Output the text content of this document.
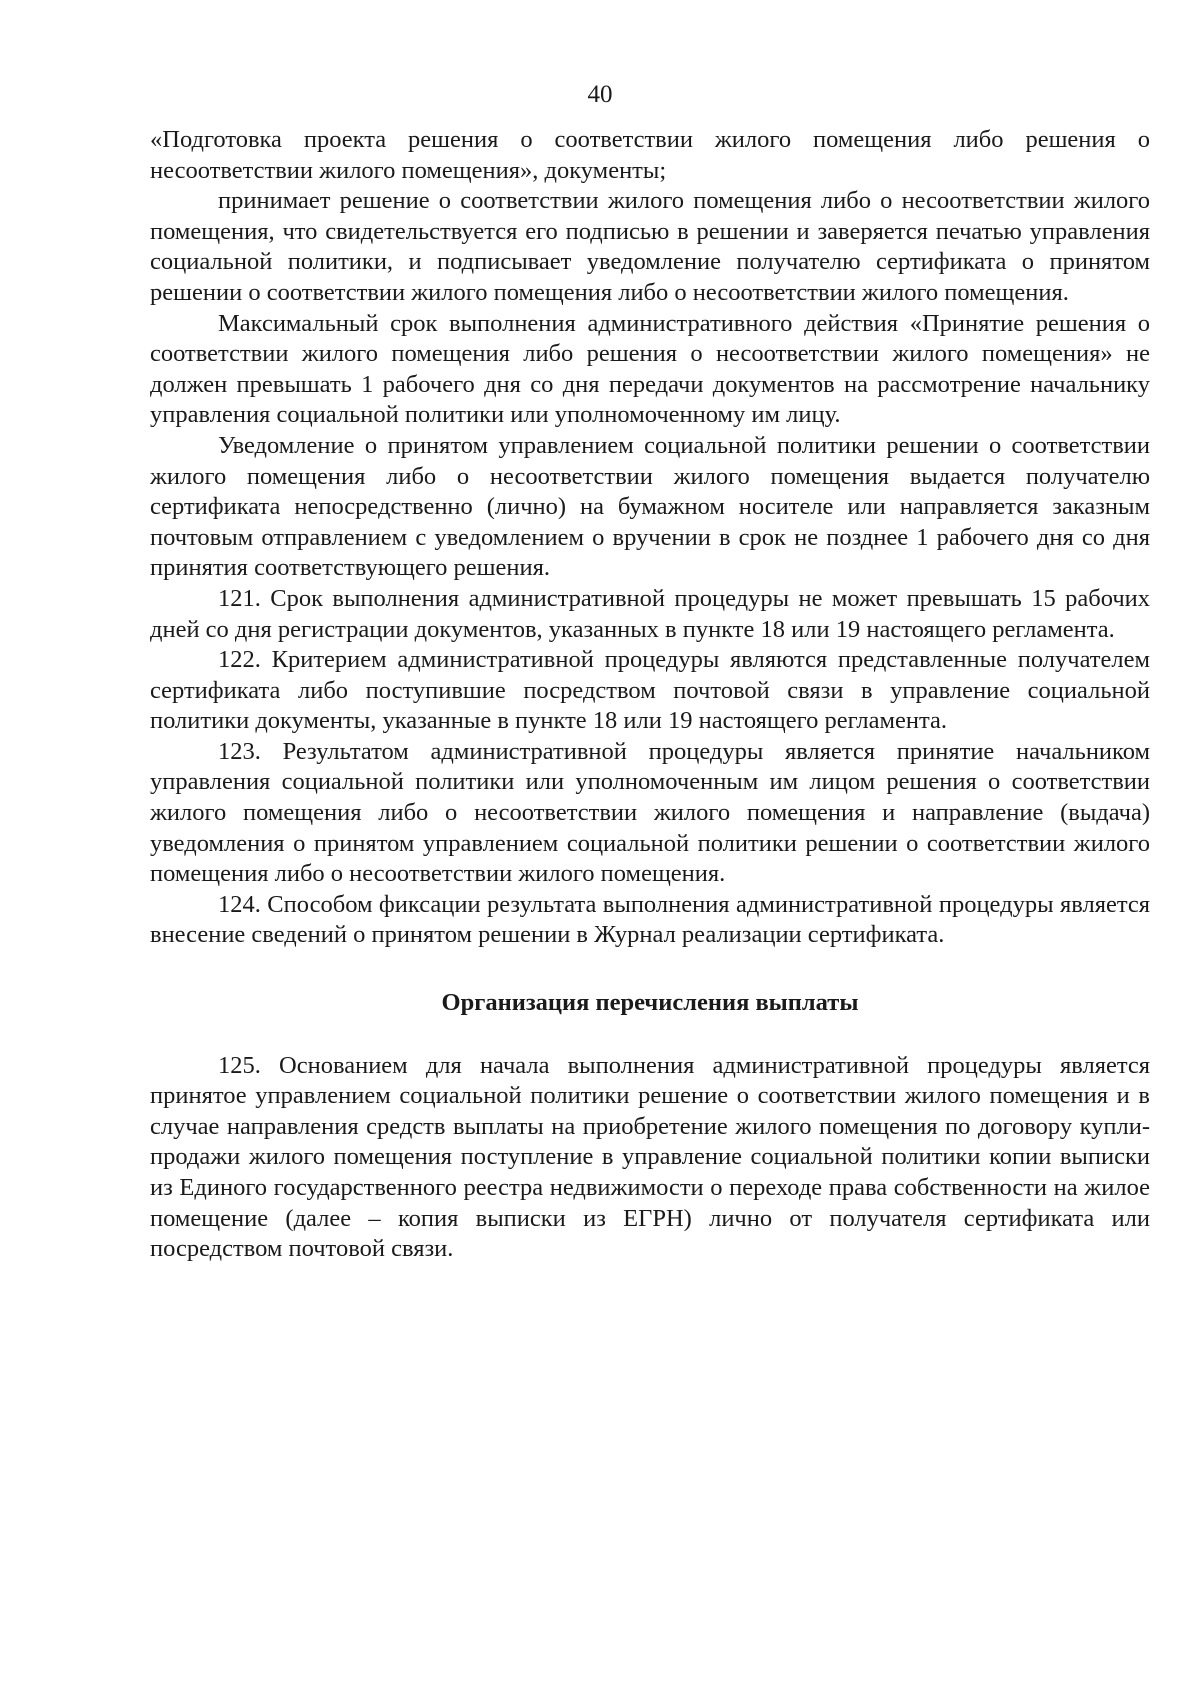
40

«Подготовка проекта решения о соответствии жилого помещения либо решения о несоответствии жилого помещения», документы;

принимает решение о соответствии жилого помещения либо о несоответствии жилого помещения, что свидетельствуется его подписью в решении и заверяется печатью управления социальной политики, и подписывает уведомление получателю сертификата о принятом решении о соответствии жилого помещения либо о несоответствии жилого помещения.

Максимальный срок выполнения административного действия «Принятие решения о соответствии жилого помещения либо решения о несоответствии жилого помещения» не должен превышать 1 рабочего дня со дня передачи документов на рассмотрение начальнику управления социальной политики или уполномоченному им лицу.

Уведомление о принятом управлением социальной политики решении о соответствии жилого помещения либо о несоответствии жилого помещения выдается получателю сертификата непосредственно (лично) на бумажном носителе или направляется заказным почтовым отправлением с уведомлением о вручении в срок не позднее 1 рабочего дня со дня принятия соответствующего решения.

121. Срок выполнения административной процедуры не может превышать 15 рабочих дней со дня регистрации документов, указанных в пункте 18 или 19 настоящего регламента.

122. Критерием административной процедуры являются представленные получателем сертификата либо поступившие посредством почтовой связи в управление социальной политики документы, указанные в пункте 18 или 19 настоящего регламента.

123. Результатом административной процедуры является принятие начальником управления социальной политики или уполномоченным им лицом решения о соответствии жилого помещения либо о несоответствии жилого помещения и направление (выдача) уведомления о принятом управлением социальной политики решении о соответствии жилого помещения либо о несоответствии жилого помещения.

124. Способом фиксации результата выполнения административной процедуры является внесение сведений о принятом решении в Журнал реализации сертификата.

Организация перечисления выплаты

125. Основанием для начала выполнения административной процедуры является принятое управлением социальной политики решение о соответствии жилого помещения и в случае направления средств выплаты на приобретение жилого помещения по договору купли-продажи жилого помещения поступление в управление социальной политики копии выписки из Единого государственного реестра недвижимости о переходе права собственности на жилое помещение (далее – копия выписки из ЕГРН) лично от получателя сертификата или посредством почтовой связи.
